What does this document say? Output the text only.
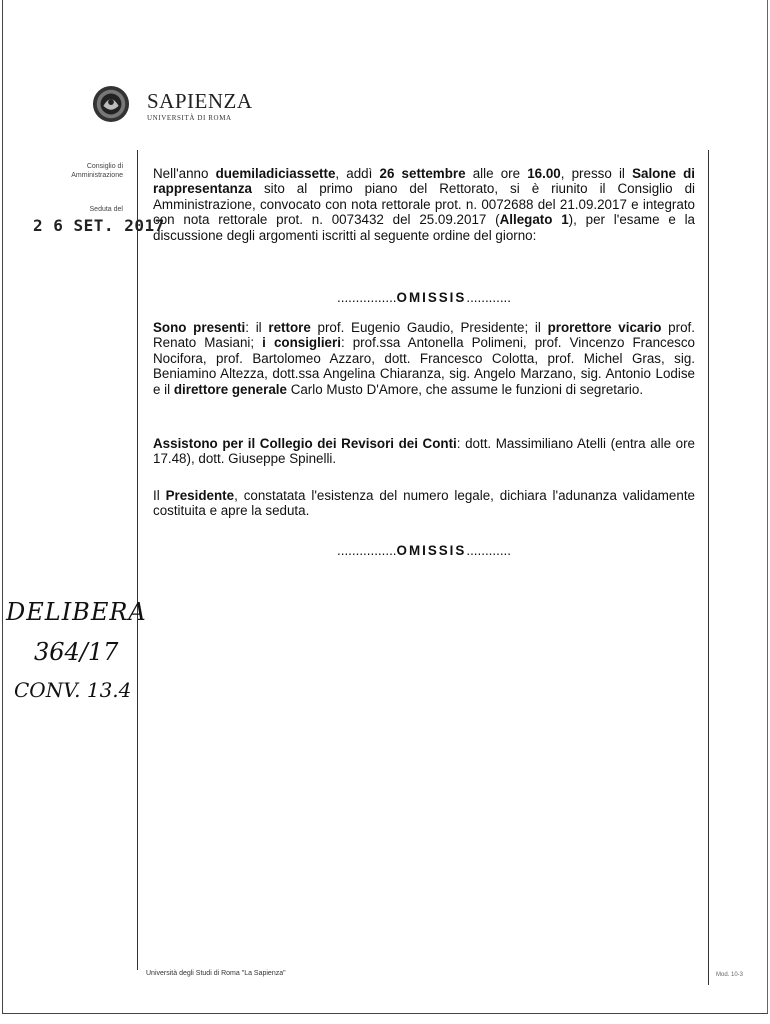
SAPIENZA
UNIVERSITÀ DI ROMA
Consiglio di
Amministrazione
Seduta del
2 6 SET. 2017

Nell'anno duemiladiciassette, addì 26 settembre alle ore 16.00, presso il Salone di rappresentanza sito al primo piano del Rettorato, si è riunito il Consiglio di Amministrazione, convocato con nota rettorale prot. n. 0072688 del 21.09.2017 e integrato con nota rettorale prot. n. 0073432 del 25.09.2017 (Allegato 1), per l'esame e la discussione degli argomenti iscritti al seguente ordine del giorno:

................OMISSIS............

Sono presenti: il rettore prof. Eugenio Gaudio, Presidente; il prorettore vicario prof. Renato Masiani; i consiglieri: prof.ssa Antonella Polimeni, prof. Vincenzo Francesco Nocifora, prof. Bartolomeo Azzaro, dott. Francesco Colotta, prof. Michel Gras, sig. Beniamino Altezza, dott.ssa Angelina Chiaranza, sig. Angelo Marzano, sig. Antonio Lodise e il direttore generale Carlo Musto D'Amore, che assume le funzioni di segretario.

Assistono per il Collegio dei Revisori dei Conti: dott. Massimiliano Atelli (entra alle ore 17.48), dott. Giuseppe Spinelli.

Il Presidente, constatata l'esistenza del numero legale, dichiara l'adunanza validamente costituita e apre la seduta.

................OMISSIS............
DELIBERA
364/17
CONV. 13.4
Università degli Studi di Roma "La Sapienza"	Mod. 10-3
